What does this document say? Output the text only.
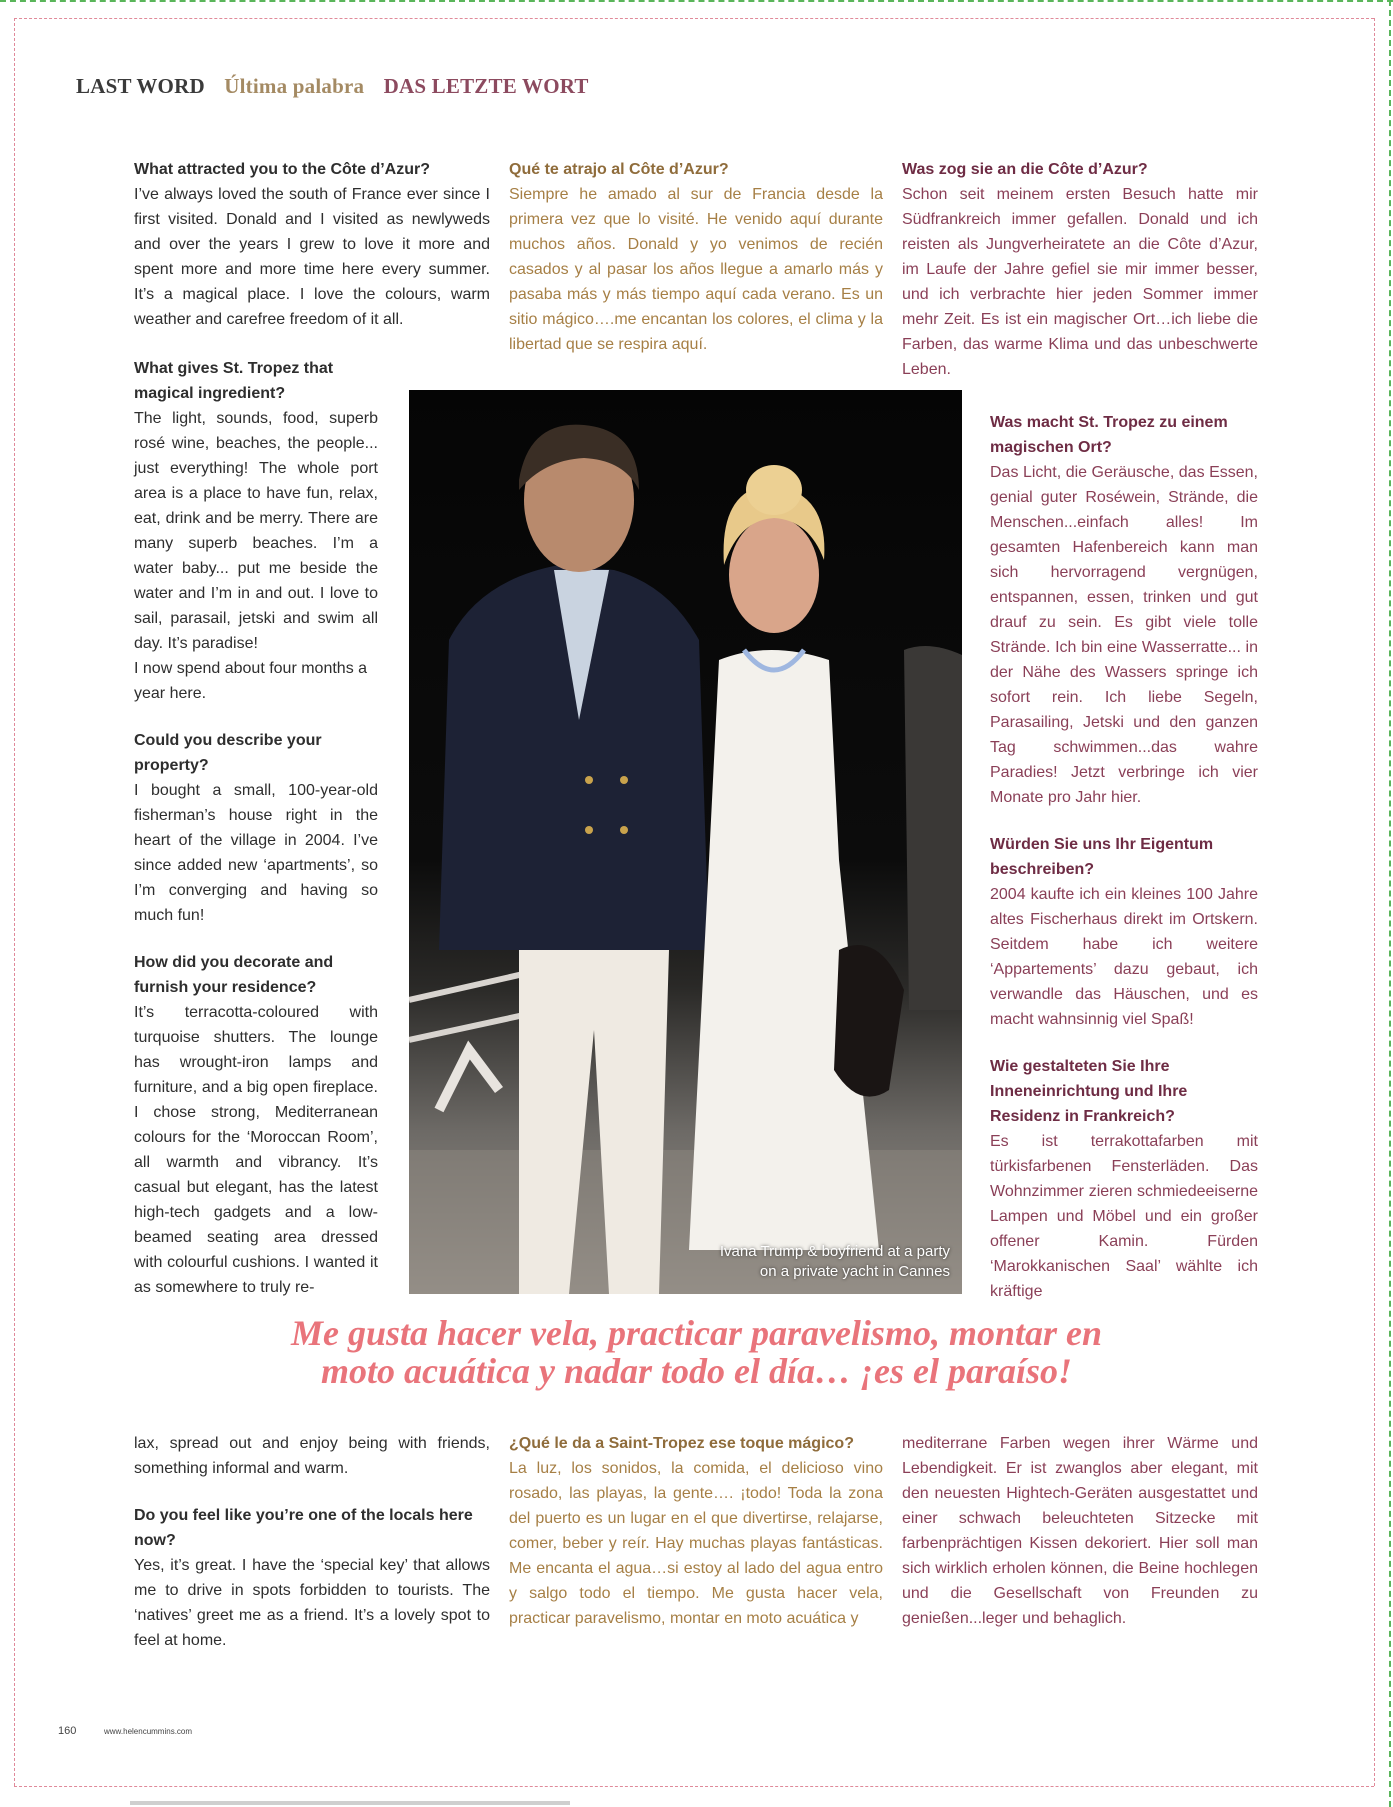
LAST WORD Última palabra DAS LETZTE WORT

What attracted you to the Côte d’Azur?

I’ve always loved the south of France ever since I first visited. Donald and I visited as newlyweds and over the years I grew to love it more and spent more and more time here every summer. It’s a magical place. I love the colours, warm weather and carefree freedom of it all.

What gives St. Tropez that magical ingredient?

The light, sounds, food, superb rosé wine, beaches, the people... just everything! The whole port area is a place to have fun, relax, eat, drink and be merry. There are many superb beaches. I’m a water baby... put me beside the water and I’m in and out. I love to sail, parasail, jetski and swim all day. It’s paradise!

I now spend about four months a year here.

Could you describe your property?

I bought a small, 100-year-old fisherman’s house right in the heart of the village in 2004. I’ve since added new ‘apartments’, so I’m converging and having so much fun!

How did you decorate and furnish your residence?

It’s terracotta-coloured with turquoise shutters. The lounge has wrought-iron lamps and furniture, and a big open fireplace. I chose strong, Mediterranean colours for the ‘Moroccan Room’, all warmth and vibrancy. It’s casual but elegant, has the latest high-tech gadgets and a low-beamed seating area dressed with colourful cushions. I wanted it as somewhere to truly re-

Qué te atrajo al Côte d’Azur?

Siempre he amado al sur de Francia desde la primera vez que lo visité. He venido aquí durante muchos años. Donald y yo venimos de recién casados y al pasar los años llegue a amarlo más y pasaba más y más tiempo aquí cada verano. Es un sitio mágico….me encantan los colores, el clima y la libertad que se respira aquí.

Was zog sie an die Côte d’Azur?

Schon seit meinem ersten Besuch hatte mir Südfrankreich immer gefallen. Donald und ich reisten als Jungverheiratete an die Côte d’Azur, im Laufe der Jahre gefiel sie mir immer besser, und ich verbrachte hier jeden Sommer immer mehr Zeit. Es ist ein magischer Ort…ich liebe die Farben, das warme Klima und das unbeschwerte Leben.

Was macht St. Tropez zu einem magischen Ort?

Das Licht, die Geräusche, das Essen, genial guter Roséwein, Strände, die Menschen...einfach alles! Im gesamten Hafenbereich kann man sich hervorragend vergnügen, entspannen, essen, trinken und gut drauf zu sein. Es gibt viele tolle Strände. Ich bin eine Wasserratte... in der Nähe des Wassers springe ich sofort rein. Ich liebe Segeln, Parasailing, Jetski und den ganzen Tag schwimmen...das wahre Paradies! Jetzt verbringe ich vier Monate pro Jahr hier.

Würden Sie uns Ihr Eigentum beschreiben?

2004 kaufte ich ein kleines 100 Jahre altes Fischerhaus direkt im Ortskern. Seitdem habe ich weitere ‘Appartements’ dazu gebaut, ich verwandle das Häuschen, und es macht wahnsinnig viel Spaß!

Wie gestalteten Sie Ihre Inneneinrichtung und Ihre Residenz in Frankreich?

Es ist terrakottafarben mit türkisfarbenen Fensterläden. Das Wohnzimmer zieren schmiedeeiserne Lampen und Möbel und ein großer offener Kamin. Fürden ‘Marokkanischen Saal’ wählte ich kräftige

Ivana Trump & boyfriend at a party
on a private yacht in Cannes
Me gusta hacer vela, practicar paravelismo, montar en
moto acuática y nadar todo el día… ¡es el paraíso!

lax, spread out and enjoy being with friends, something informal and warm.

Do you feel like you’re one of the locals here now?

Yes, it’s great. I have the ‘special key’ that allows me to drive in spots forbidden to tourists. The ‘natives’ greet me as a friend. It’s a lovely spot to feel at home.

¿Qué le da a Saint-Tropez ese toque mágico?

La luz, los sonidos, la comida, el delicioso vino rosado, las playas, la gente…. ¡todo! Toda la zona del puerto es un lugar en el que divertirse, relajarse, comer, beber y reír. Hay muchas playas fantásticas. Me encanta el agua…si estoy al lado del agua entro y salgo todo el tiempo. Me gusta hacer vela, practicar paravelismo, montar en moto acuática y

mediterrane Farben wegen ihrer Wärme und Lebendigkeit. Er ist zwanglos aber elegant, mit den neuesten Hightech-Geräten ausgestattet und einer schwach beleuchteten Sitzecke mit farbenprächtigen Kissen dekoriert. Hier soll man sich wirklich erholen können, die Beine hochlegen und die Gesellschaft von Freunden zu genießen...leger und behaglich.

160	www.helencummins.com
